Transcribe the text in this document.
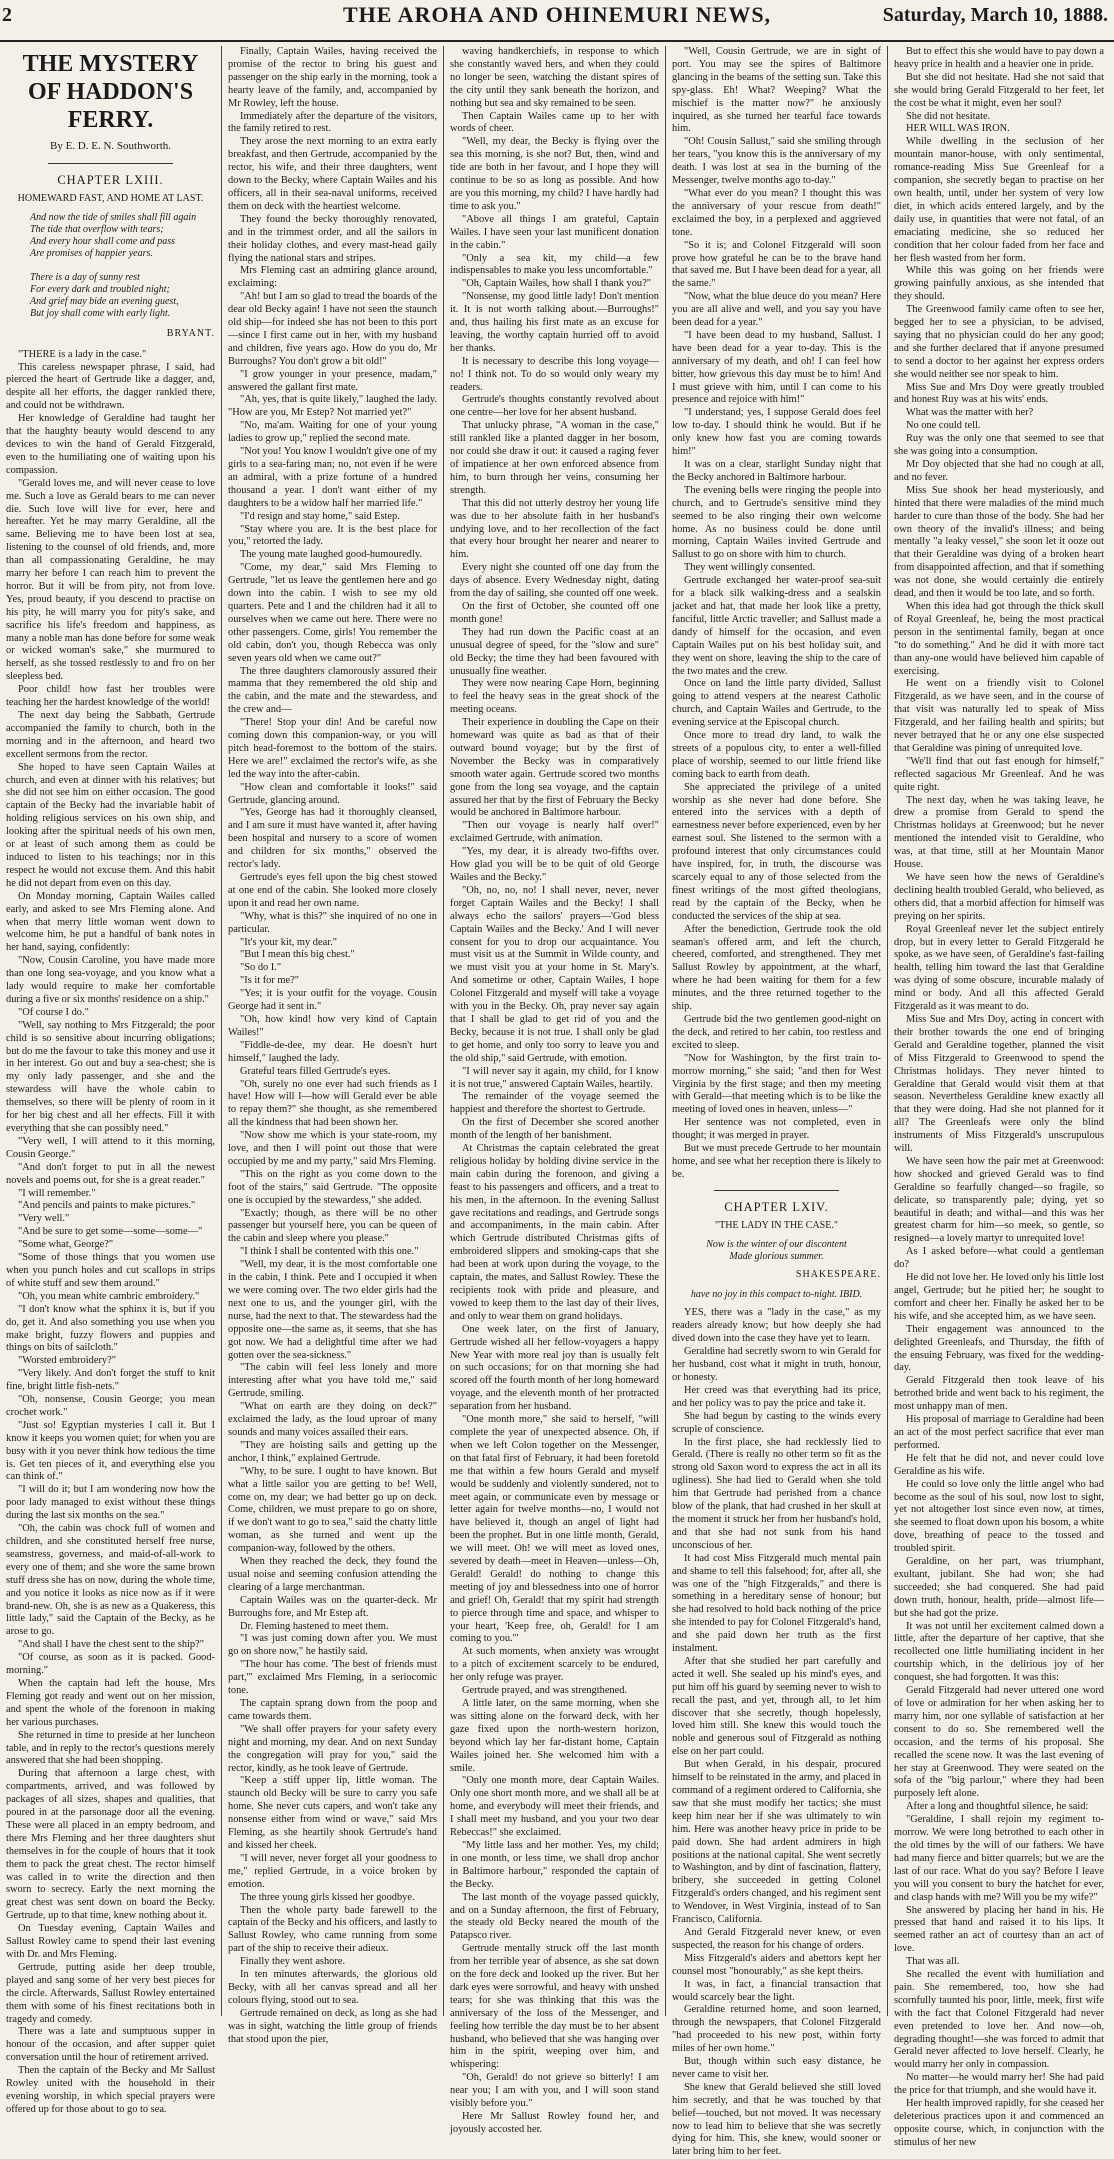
2	THE AROHA AND OHINEMURI NEWS,	Saturday, March 10, 1888.
THE MYSTERY OF HADDON'S FERRY.
By E. D. E. N. Southworth.
CHAPTER LXIII.
HOMEWARD FAST, AND HOME AT LAST.
And now the tide of smiles shall fill again
The tide that overflow with tears;
And every hour shall come and pass
Are promises of happier years.

There is a day of sunny rest
For every dark and troubled night;
And grief may bide an evening guest,
But joy shall come with early light.
BRYANT.

"THERE is a lady in the case."

This careless newspaper phrase, I said, had pierced the heart of Gertrude like a dagger, and, despite all her efforts, the dagger rankled there, and could not be withdrawn.

Her knowledge of Geraldine had taught her that the haughty beauty would descend to any devices to win the hand of Gerald Fitzgerald, even to the humiliating one of waiting upon his compassion.

"Gerald loves me, and will never cease to love me. Such a love as Gerald bears to me can never die. Such love will live for ever, here and hereafter. Yet he may marry Geraldine, all the same. Believing me to have been lost at sea, listening to the counsel of old friends, and, more than all compassionating Geraldine, he may marry her before I can reach him to prevent the horror. But it will be from pity, not from love. Yes, proud beauty, if you descend to practise on his pity, he will marry you for pity's sake, and sacrifice his life's freedom and happiness, as many a noble man has done before for some weak or wicked woman's sake," she murmured to herself, as she tossed restlessly to and fro on her sleepless bed.

Poor child! how fast her troubles were teaching her the hardest knowledge of the world!

The next day being the Sabbath, Gertrude accompanied the family to church, both in the morning and in the afternoon, and heard two excellent sermons from the rector.

She hoped to have seen Captain Wailes at church, and even at dinner with his relatives; but she did not see him on either occasion. The good captain of the Becky had the invariable habit of holding religious services on his own ship, and looking after the spiritual needs of his own men, or at least of such among them as could be induced to listen to his teachings; nor in this respect he would not excuse them. And this habit he did not depart from even on this day.

On Monday morning, Captain Wailes called early, and asked to see Mrs Fleming alone. And when that merry little woman went down to welcome him, he put a handful of bank notes in her hand, saying, confidently:

"Now, Cousin Caroline, you have made more than one long sea-voyage, and you know what a lady would require to make her comfortable during a five or six months' residence on a ship."

"Of course I do."

"Well, say nothing to Mrs Fitzgerald; the poor child is so sensitive about incurring obligations; but do me the favour to take this money and use it in her interest. Go out and buy a sea-chest; she is my only lady passenger, and she and the stewardess will have the whole cabin to themselves, so there will be plenty of room in it for her big chest and all her effects. Fill it with everything that she can possibly need."

"Very well, I will attend to it this morning, Cousin George."

"And don't forget to put in all the newest novels and poems out, for she is a great reader."

"I will remember."

"And pencils and paints to make pictures."

"Very well."

"And be sure to get some—some—some—"

"Some what, George?"

"Some of those things that you women use when you punch holes and cut scallops in strips of white stuff and sew them around."

"Oh, you mean white cambric embroidery."

"I don't know what the sphinx it is, but if you do, get it. And also something you use when you make bright, fuzzy flowers and puppies and things on bits of sailcloth."

"Worsted embroidery?"

"Very likely. And don't forget the stuff to knit fine, bright little fish-nets."

"Oh, nonsense, Cousin George; you mean crochet work."

"Just so! Egyptian mysteries I call it. But I know it keeps you women quiet; for when you are busy with it you never think how tedious the time is. Get ten pieces of it, and everything else you can think of."

"I will do it; but I am wondering now how the poor lady managed to exist without these things during the last six months on the sea."

"Oh, the cabin was chock full of women and children, and she constituted herself free nurse, seamstress, governess, and maid-of-all-work to every one of them; and she wore the same brown stuff dress she has on now, during the whole time, and you notice it looks as nice now as if it were brand-new. Oh, she is as new as a Quakeress, this little lady," said the Captain of the Becky, as he arose to go.

"And shall I have the chest sent to the ship?"

"Of course, as soon as it is packed. Good-morning."

When the captain had left the house, Mrs Fleming got ready and went out on her mission, and spent the whole of the forenoon in making her various purchases.

She returned in time to preside at her luncheon table, and in reply to the rector's questions merely answered that she had been shopping.

During that afternoon a large chest, with compartments, arrived, and was followed by packages of all sizes, shapes and qualities, that poured in at the parsonage door all the evening. These were all placed in an empty bedroom, and there Mrs Fleming and her three daughters shut themselves in for the couple of hours that it took them to pack the great chest. The rector himself was called in to write the direction and then sworn to secrecy. Early the next morning the great chest was sent down on board the Becky. Gertrude, up to that time, knew nothing about it.

On Tuesday evening, Captain Wailes and Sallust Rowley came to spend their last evening with Dr. and Mrs Fleming.

Gertrude, putting aside her deep trouble, played and sang some of her very best pieces for the circle. Afterwards, Sallust Rowley entertained them with some of his finest recitations both in tragedy and comedy.

There was a late and sumptuous supper in honour of the occasion, and after supper quiet conversation until the hour of retirement arrived.

Then the captain of the Becky and Mr Sallust Rowley united with the household in their evening worship, in which special prayers were offered up for those about to go to sea.

Finally, Captain Wailes, having received the promise of the rector to bring his guest and passenger on the ship early in the morning, took a hearty leave of the family, and, accompanied by Mr Rowley, left the house.

Immediately after the departure of the visitors, the family retired to rest.

They arose the next morning to an extra early breakfast, and then Gertrude, accompanied by the rector, his wife, and their three daughters, went down to the Becky, where Captain Wailes and his officers, all in their sea-naval uniforms, received them on deck with the heartiest welcome.

They found the becky thoroughly renovated, and in the trimmest order, and all the sailors in their holiday clothes, and every mast-head gaily flying the national stars and stripes.

Mrs Fleming cast an admiring glance around, exclaiming:

"Ah! but I am so glad to tread the boards of the dear old Becky again! I have not seen the staunch old ship—for indeed she has not been to this port—since I first came out in her, with my husband and children, five years ago. How do you do, Mr Burroughs? You don't grow a bit old!"

"I grow younger in your presence, madam," answered the gallant first mate.

"Ah, yes, that is quite likely," laughed the lady. "How are you, Mr Estep? Not married yet?"

"No, ma'am. Waiting for one of your young ladies to grow up," replied the second mate.

"Not you! You know I wouldn't give one of my girls to a sea-faring man; no, not even if he were an admiral, with a prize fortune of a hundred thousand a year. I don't want either of my daughters to be a widow half her married life."

"I'd resign and stay home," said Estep.

"Stay where you are. It is the best place for you," retorted the lady.

The young mate laughed good-humouredly.

"Come, my dear," said Mrs Fleming to Gertrude, "let us leave the gentlemen here and go down into the cabin. I wish to see my old quarters. Pete and I and the children had it all to ourselves when we came out here. There were no other passengers. Come, girls! You remember the old cabin, don't you, though Rebecca was only seven years old when we came out?"

The three daughters clamorously assured their mamma that they remembered the old ship and the cabin, and the mate and the stewardess, and the crew and—

"There! Stop your din! And be careful now coming down this companion-way, or you will pitch head-foremost to the bottom of the stairs. Here we are!" exclaimed the rector's wife, as she led the way into the after-cabin.

"How clean and comfortable it looks!" said Gertrude, glancing around.

"Yes, George has had it thoroughly cleansed, and I am sure it must have wanted it, after having been hospital and nursery to a score of women and children for six months," observed the rector's lady.

Gertrude's eyes fell upon the big chest stowed at one end of the cabin. She looked more closely upon it and read her own name.

"Why, what is this?" she inquired of no one in particular.

"It's your kit, my dear."

"But I mean this big chest."

"So do I."

"Is it for me?"

"Yes; it is your outfit for the voyage. Cousin George had it sent in."

"Oh, how kind! how very kind of Captain Wailes!"

"Fiddle-de-dee, my dear. He doesn't hurt himself," laughed the lady.

Grateful tears filled Gertrude's eyes.

"Oh, surely no one ever had such friends as I have! How will I—how will Gerald ever be able to repay them?" she thought, as she remembered all the kindness that had been shown her.

"Now show me which is your state-room, my love, and then I will point out those that were occupied by me and my party," said Mrs Fleming.

"This on the right as you come down to the foot of the stairs," said Gertrude. "The opposite one is occupied by the stewardess," she added.

"Exactly; though, as there will be no other passenger but yourself here, you can be queen of the cabin and sleep where you please."

"I think I shall be contented with this one."

"Well, my dear, it is the most comfortable one in the cabin, I think. Pete and I occupied it when we were coming over. The two elder girls had the next one to us, and the younger girl, with the nurse, had the next to that. The stewardess had the opposite one—the same as, it seems, that she has got now. We had a delightful time after we had gotten over the sea-sickness."

"The cabin will feel less lonely and more interesting after what you have told me," said Gertrude, smiling.

"What on earth are they doing on deck?" exclaimed the lady, as the loud uproar of many sounds and many voices assailed their ears.

"They are hoisting sails and getting up the anchor, I think," explained Gertrude.

"Why, to be sure. I ought to have known. But what a little sailor you are getting to be! Well, come on, my dear; we had better go up on deck. Come, children, we must prepare to go on shore, if we don't want to go to sea," said the chatty little woman, as she turned and went up the companion-way, followed by the others.

When they reached the deck, they found the usual noise and seeming confusion attending the clearing of a large merchantman.

Captain Wailes was on the quarter-deck. Mr Burroughs fore, and Mr Estep aft.

Dr. Fleming hastened to meet them.

"I was just coming down after you. We must go on shore now," he hastily said.

"The hour has come. 'The best of friends must part,'" exclaimed Mrs Fleming, in a seriocomic tone.

The captain sprang down from the poop and came towards them.

"We shall offer prayers for your safety every night and morning, my dear. And on next Sunday the congregation will pray for you," said the rector, kindly, as he took leave of Gertrude.

"Keep a stiff upper lip, little woman. The staunch old Becky will be sure to carry you safe home. She never cuts capers, and won't take any nonsense either from wind or wave," said Mrs Fleming, as she heartily shook Gertrude's hand and kissed her cheek.

"I will never, never forget all your goodness to me," replied Gertrude, in a voice broken by emotion.

The three young girls kissed her goodbye.

Then the whole party bade farewell to the captain of the Becky and his officers, and lastly to Sallust Rowley, who came running from some part of the ship to receive their adieux.

Finally they went ashore.

In ten minutes afterwards, the glorious old Becky, with all her canvas spread and all her colours flying, stood out to sea.

Gertrude remained on deck, as long as she had was in sight, watching the little group of friends that stood upon the pier,

waving handkerchiefs, in response to which she constantly waved hers, and when they could no longer be seen, watching the distant spires of the city until they sank beneath the horizon, and nothing but sea and sky remained to be seen.

Then Captain Wailes came up to her with words of cheer.

"Well, my dear, the Becky is flying over the sea this morning, is she not? But, then, wind and tide are both in her favour, and I hope they will continue to be so as long as possible. And how are you this morning, my child? I have hardly had time to ask you."

"Above all things I am grateful, Captain Wailes. I have seen your last munificent donation in the cabin."

"Only a sea kit, my child—a few indispensables to make you less uncomfortable."

"Oh, Captain Wailes, how shall I thank you?"

"Nonsense, my good little lady! Don't mention it. It is not worth talking about.—Burroughs!" and, thus hailing his first mate as an excuse for leaving, the worthy captain hurried off to avoid her thanks.

It is necessary to describe this long voyage—no! I think not. To do so would only weary my readers.

Gertrude's thoughts constantly revolved about one centre—her love for her absent husband.

That unlucky phrase, "A woman in the case," still rankled like a planted dagger in her bosom, nor could she draw it out: it caused a raging fever of impatience at her own enforced absence from him, to burn through her veins, consuming her strength.

That this did not utterly destroy her young life was due to her absolute faith in her husband's undying love, and to her recollection of the fact that every hour brought her nearer and nearer to him.

Every night she counted off one day from the days of absence. Every Wednesday night, dating from the day of sailing, she counted off one week.

On the first of October, she counted off one month gone!

They had run down the Pacific coast at an unusual degree of speed, for the "slow and sure" old Becky; the time they had been favoured with unusually fine weather.

They were now nearing Cape Horn, beginning to feel the heavy seas in the great shock of the meeting oceans.

Their experience in doubling the Cape on their homeward was quite as bad as that of their outward bound voyage; but by the first of November the Becky was in comparatively smooth water again. Gertrude scored two months gone from the long sea voyage, and the captain assured her that by the first of February the Becky would be anchored in Baltimore harbour.

"Then our voyage is nearly half over!" exclaimed Gertrude, with animation.

"Yes, my dear, it is already two-fifths over. How glad you will be to be quit of old George Wailes and the Becky."

"Oh, no, no, no! I shall never, never, never forget Captain Wailes and the Becky! I shall always echo the sailors' prayers—'God bless Captain Wailes and the Becky.' And I will never consent for you to drop our acquaintance. You must visit us at the Summit in Wilde county, and we must visit you at your home in St. Mary's. And sometime or other, Captain Wailes, I hope Colonel Fitzgerald and myself will take a voyage with you in the Becky. Oh, pray never say again that I shall be glad to get rid of you and the Becky, because it is not true. I shall only be glad to get home, and only too sorry to leave you and the old ship," said Gertrude, with emotion.

"I will never say it again, my child, for I know it is not true," answered Captain Wailes, heartily.

The remainder of the voyage seemed the happiest and therefore the shortest to Gertrude.

On the first of December she scored another month of the length of her banishment.

At Christmas the captain celebrated the great religious holiday by holding divine service in the main cabin during the forenoon, and giving a feast to his passengers and officers, and a treat to his men, in the afternoon. In the evening Sallust gave recitations and readings, and Gertrude songs and accompaniments, in the main cabin. After which Gertrude distributed Christmas gifts of embroidered slippers and smoking-caps that she had been at work upon during the voyage, to the captain, the mates, and Sallust Rowley. These the recipients took with pride and pleasure, and vowed to keep them to the last day of their lives, and only to wear them on grand holidays.

One week later, on the first of January, Gertrude wished all her fellow-voyagers a happy New Year with more real joy than is usually felt on such occasions; for on that morning she had scored off the fourth month of her long homeward voyage, and the eleventh month of her protracted separation from her husband.

"One month more," she said to herself, "will complete the year of unexpected absence. Oh, if when we left Colon together on the Messenger, on that fatal first of February, it had been foretold me that within a few hours Gerald and myself would be suddenly and violently sundered, not to meet again, or communicate even by message or letter again for twelve months—no, I would not have believed it, though an angel of light had been the prophet. But in one little month, Gerald, we will meet. Oh! we will meet as loved ones, severed by death—meet in Heaven—unless—Oh, Gerald! Gerald! do nothing to change this meeting of joy and blessedness into one of horror and grief! Oh, Gerald! that my spirit had strength to pierce through time and space, and whisper to your heart, 'Keep free, oh, Gerald! for I am coming to you.'"

At such moments, when anxiety was wrought to a pitch of excitement scarcely to be endured, her only refuge was prayer.

Gertrude prayed, and was strengthened.

A little later, on the same morning, when she was sitting alone on the forward deck, with her gaze fixed upon the north-western horizon, beyond which lay her far-distant home, Captain Wailes joined her. She welcomed him with a smile.

"Only one month more, dear Captain Wailes. Only one short month more, and we shall all be at home, and everybody will meet their friends, and I shall meet my husband, and you your two dear Rebeccas!" she exclaimed.

"My little lass and her mother. Yes, my child; in one month, or less time, we shall drop anchor in Baltimore harbour," responded the captain of the Becky.

The last month of the voyage passed quickly, and on a Sunday afternoon, the first of February, the steady old Becky neared the mouth of the Patapsco river.

Gertrude mentally struck off the last month from her terrible year of absence, as she sat down on the fore deck and looked up the river. But her dark eyes were sorrowful, and heavy with unshed tears; for she was thinking that this was the anniversary of the loss of the Messenger, and feeling how terrible the day must be to her absent husband, who believed that she was hanging over him in the spirit, weeping over him, and whispering:

"Oh, Gerald! do not grieve so bitterly! I am near you; I am with you, and I will soon stand visibly before you."

Here Mr Sallust Rowley found her, and joyously accosted her.

"Well, Cousin Gertrude, we are in sight of port. You may see the spires of Baltimore glancing in the beams of the setting sun. Take this spy-glass. Eh! What? Weeping? What the mischief is the matter now?" he anxiously inquired, as she turned her tearful face towards him.

"Oh! Cousin Sallust," said she smiling through her tears, "you know this is the anniversary of my death. I was lost at sea in the burning of the Messenger, twelve months ago to-day."

"What ever do you mean? I thought this was the anniversary of your rescue from death!" exclaimed the boy, in a perplexed and aggrieved tone.

"So it is; and Colonel Fitzgerald will soon prove how grateful he can be to the brave hand that saved me. But I have been dead for a year, all the same."

"Now, what the blue deuce do you mean? Here you are all alive and well, and you say you have been dead for a year."

"I have been dead to my husband, Sallust. I have been dead for a year to-day. This is the anniversary of my death, and oh! I can feel how bitter, how grievous this day must be to him! And I must grieve with him, until I can come to his presence and rejoice with him!"

"I understand; yes, I suppose Gerald does feel low to-day. I should think he would. But if he only knew how fast you are coming towards him!"

It was on a clear, starlight Sunday night that the Becky anchored in Baltimore harbour.

The evening bells were ringing the people into church, and to Gertrude's sensitive mind they seemed to be also ringing their own welcome home. As no business could be done until morning, Captain Wailes invited Gertrude and Sallust to go on shore with him to church.

They went willingly consented.

Gertrude exchanged her water-proof sea-suit for a black silk walking-dress and a sealskin jacket and hat, that made her look like a pretty, fanciful, little Arctic traveller; and Sallust made a dandy of himself for the occasion, and even Captain Wailes put on his best holiday suit, and they went on shore, leaving the ship to the care of the two mates and the crew.

Once on land the little party divided, Sallust going to attend vespers at the nearest Catholic church, and Captain Wailes and Gertrude, to the evening service at the Episcopal church.

Once more to tread dry land, to walk the streets of a populous city, to enter a well-filled place of worship, seemed to our little friend like coming back to earth from death.

She appreciated the privilege of a united worship as she never had done before. She entered into the services with a depth of earnestness never before experienced, even by her earnest soul. She listened to the sermon with a profound interest that only circumstances could have inspired, for, in truth, the discourse was scarcely equal to any of those selected from the finest writings of the most gifted theologians, read by the captain of the Becky, when he conducted the services of the ship at sea.

After the benediction, Gertrude took the old seaman's offered arm, and left the church, cheered, comforted, and strengthened. They met Sallust Rowley by appointment, at the wharf, where he had been waiting for them for a few minutes, and the three returned together to the ship.

Gertrude bid the two gentlemen good-night on the deck, and retired to her cabin, too restless and excited to sleep.

"Now for Washington, by the first train to-morrow morning," she said; "and then for West Virginia by the first stage; and then my meeting with Gerald—that meeting which is to be like the meeting of loved ones in heaven, unless—"

Her sentence was not completed, even in thought; it was merged in prayer.

But we must precede Gertrude to her mountain home, and see what her reception there is likely to be.

CHAPTER LXIV.
"THE LADY IN THE CASE."
Now is the winter of our discontent
Made glorious summer.
SHAKESPEARE.
have no joy in this compact to-night. IBID.

YES, there was a "lady in the case," as my readers already know; but how deeply she had dived down into the case they have yet to learn.

Geraldine had secretly sworn to win Gerald for her husband, cost what it might in truth, honour, or honesty.

Her creed was that everything had its price, and her policy was to pay the price and take it.

She had begun by casting to the winds every scruple of conscience.

In the first place, she had recklessly lied to Gerald. (There is really no other term so fit as the strong old Saxon word to express the act in all its ugliness). She had lied to Gerald when she told him that Gertrude had perished from a chance blow of the plank, that had crushed in her skull at the moment it struck her from her husband's hold, and that she had not sunk from his hand unconscious of her.

It had cost Miss Fitzgerald much mental pain and shame to tell this falsehood; for, after all, she was one of the "high Fitzgeralds," and there is something in a hereditary sense of honour; but she had resolved to hold back nothing of the price she intended to pay for Colonel Fitzgerald's hand, and she paid down her truth as the first instalment.

After that she studied her part carefully and acted it well. She sealed up his mind's eyes, and put him off his guard by seeming never to wish to recall the past, and yet, through all, to let him discover that she secretly, though hopelessly, loved him still. She knew this would touch the noble and generous soul of Fitzgerald as nothing else on her part could.

But when Gerald, in his despair, procured himself to be reinstated in the army, and placed in command of a regiment ordered to California, she saw that she must modify her tactics; she must keep him near her if she was ultimately to win him. Here was another heavy price in pride to be paid down. She had ardent admirers in high positions at the national capital. She went secretly to Washington, and by dint of fascination, flattery, bribery, she succeeded in getting Colonel Fitzgerald's orders changed, and his regiment sent to Wendover, in West Virginia, instead of to San Francisco, California.

And Gerald Fitzgerald never knew, or even suspected, the reason for his change of orders.

Miss Fitzgerald's aiders and abettors kept her counsel most "honourably," as she kept theirs.

It was, in fact, a financial transaction that would scarcely bear the light.

Geraldine returned home, and soon learned, through the newspapers, that Colonel Fitzgerald "had proceeded to his new post, within forty miles of her own home."

But, though within such easy distance, he never came to visit her.

She knew that Gerald believed she still loved him secretly, and that he was touched by that belief—touched, but not moved. It was necessary now to lead him to believe that she was secretly dying for him. This, she knew, would sooner or later bring him to her feet.

But to effect this she would have to pay down a heavy price in health and a heavier one in pride.

But she did not hesitate. Had she not said that she would bring Gerald Fitzgerald to her feet, let the cost be what it might, even her soul?

She did not hesitate.

HER WILL WAS IRON.

While dwelling in the seclusion of her mountain manor-house, with only sentimental, romance-reading Miss Sue Greenleaf for a companion, she secretly began to practise on her own health, until, under her system of very low diet, in which acids entered largely, and by the daily use, in quantities that were not fatal, of an emaciating medicine, she so reduced her condition that her colour faded from her face and her flesh wasted from her form.

While this was going on her friends were growing painfully anxious, as she intended that they should.

The Greenwood family came often to see her, begged her to see a physician, to be advised, saying that no physician could do her any good; and she further declared that if anyone presumed to send a doctor to her against her express orders she would neither see nor speak to him.

Miss Sue and Mrs Doy were greatly troubled and honest Ruy was at his wits' ends.

What was the matter with her?

No one could tell.

Ruy was the only one that seemed to see that she was going into a consumption.

Mr Doy objected that she had no cough at all, and no fever.

Miss Sue shook her head mysteriously, and hinted that there were maladies of the mind much harder to cure than those of the body. She had her own theory of the invalid's illness; and being mentally "a leaky vessel," she soon let it ooze out that their Geraldine was dying of a broken heart from disappointed affection, and that if something was not done, she would certainly die entirely dead, and then it would be too late, and so forth.

When this idea had got through the thick skull of Royal Greenleaf, he, being the most practical person in the sentimental family, began at once "to do something." And he did it with more tact than any-one would have believed him capable of exercising.

He went on a friendly visit to Colonel Fitzgerald, as we have seen, and in the course of that visit was naturally led to speak of Miss Fitzgerald, and her failing health and spirits; but never betrayed that he or any one else suspected that Geraldine was pining of unrequited love.

"We'll find that out fast enough for himself," reflected sagacious Mr Greenleaf. And he was quite right.

The next day, when he was taking leave, he drew a promise from Gerald to spend the Christmas holidays at Greenwood; but he never mentioned the intended visit to Geraldine, who was, at that time, still at her Mountain Manor House.

We have seen how the news of Geraldine's declining health troubled Gerald, who believed, as others did, that a morbid affection for himself was preying on her spirits.

Royal Greenleaf never let the subject entirely drop, but in every letter to Gerald Fitzgerald he spoke, as we have seen, of Geraldine's fast-failing health, telling him toward the last that Geraldine was dying of some obscure, incurable malady of mind or body. And all this affected Gerald Fitzgerald as it was meant to do.

Miss Sue and Mrs Doy, acting in concert with their brother towards the one end of bringing Gerald and Geraldine together, planned the visit of Miss Fitzgerald to Greenwood to spend the Christmas holidays. They never hinted to Geraldine that Gerald would visit them at that season. Nevertheless Geraldine knew exactly all that they were doing. Had she not planned for it all? The Greenleafs were only the blind instruments of Miss Fitzgerald's unscrupulous will.

We have seen how the pair met at Greenwood: how shocked and grieved Gerald was to find Geraldine so fearfully changed—so fragile, so delicate, so transparently pale; dying, yet so beautiful in death; and withal—and this was her greatest charm for him—so meek, so gentle, so resigned—a lovely martyr to unrequited love!

As I asked before—what could a gentleman do?

He did not love her. He loved only his little lost angel, Gertrude; but he pitied her; he sought to comfort and cheer her. Finally he asked her to be his wife, and she accepted him, as we have seen.

Their engagement was announced to the delighted Greenleafs, and Thursday, the fifth of the ensuing February, was fixed for the wedding-day.

Gerald Fitzgerald then took leave of his betrothed bride and went back to his regiment, the most unhappy man of men.

His proposal of marriage to Geraldine had been an act of the most perfect sacrifice that ever man performed.

He felt that he did not, and never could love Geraldine as his wife.

He could so love only the little angel who had become as the soul of his soul, now lost to sight, yet not altogether lost since even now, at times, she seemed to float down upon his bosom, a white dove, breathing of peace to the tossed and troubled spirit.

Geraldine, on her part, was triumphant, exultant, jubilant. She had won; she had succeeded; she had conquered. She had paid down truth, honour, health, pride—almost life—but she had got the prize.

It was not until her excitement calmed down a little, after the departure of her captive, that she recollected one little humiliating incident in her courtship which, in the delirious joy of her conquest, she had forgotten. It was this:

Gerald Fitzgerald had never uttered one word of love or admiration for her when asking her to marry him, nor one syllable of satisfaction at her consent to do so. She remembered well the occasion, and the terms of his proposal. She recalled the scene now. It was the last evening of her stay at Greenwood. They were seated on the sofa of the "big parlour," where they had been purposely left alone.

After a long and thoughtful silence, he said:

"Geraldine, I shall rejoin my regiment to-morrow. We were long betrothed to each other in the old times by the will of our fathers. We have had many fierce and bitter quarrels; but we are the last of our race. What do you say? Before I leave you will you consent to bury the hatchet for ever, and clasp hands with me? Will you be my wife?"

She answered by placing her hand in his. He pressed that hand and raised it to his lips. It seemed rather an act of courtesy than an act of love.

That was all.

She recalled the event with humiliation and pain. She remembered, too, how she had scornfully taunted his poor, little, meek, first wife with the fact that Colonel Fitzgerald had never even pretended to love her. And now—oh, degrading thought!—she was forced to admit that Gerald never affected to love herself. Clearly, he would marry her only in compassion.

No matter—he would marry her! She had paid the price for that triumph, and she would have it.

Her health improved rapidly, for she ceased her deleterious practices upon it and commenced an opposite course, which, in conjunction with the stimulus of her new
